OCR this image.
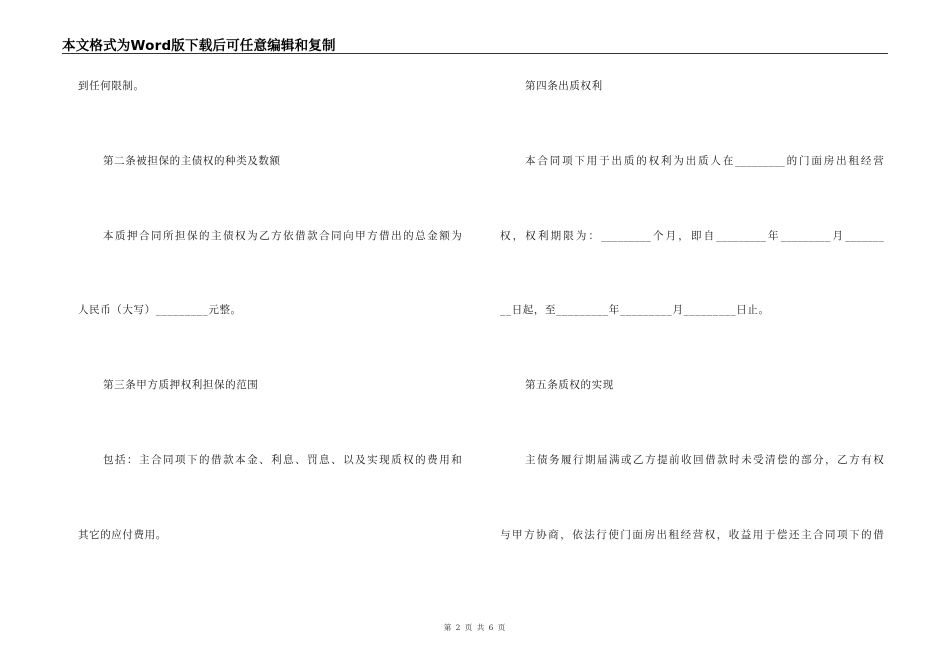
本文格式为Word版下载后可任意编辑和复制

到任何限制。

第二条被担保的主债权的种类及数额

本质押合同所担保的主债权为乙方依借款合同向甲方借出的总金额为

人民币（大写）_________元整。

第三条甲方质押权利担保的范围

包括：主合同项下的借款本金、利息、罚息、以及实现质权的费用和

其它的应付费用。

第四条出质权利

本合同项下用于出质的权利为出质人在_________的门面房出租经营

权，权利期限为：_________个月，即自_________年_________月_______

__日起，至_________年_________月_________日止。

第五条质权的实现

主债务履行期届满或乙方提前收回借款时未受清偿的部分，乙方有权

与甲方协商，依法行使门面房出租经营权，收益用于偿还主合同项下的借

第 2 页 共 6 页
